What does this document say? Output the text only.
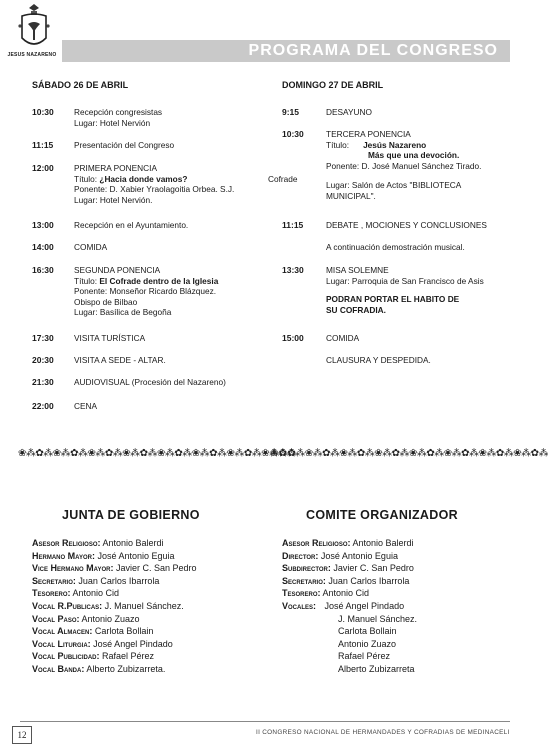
JESUS NAZARENO	PROGRAMA DEL CONGRESO
SÁBADO 26 DE ABRIL
10:30 Recepción congresistas
Lugar: Hotel Nervión
11:15 Presentación del Congreso
12:00 PRIMERA PONENCIA
Título: ¿Hacia donde vamos?
Ponente: D. Xabier Yraolagoitia Orbea. S.J.
Lugar: Hotel Nervión.
Cofrade
13:00 Recepción en el Ayuntamiento.
14:00 COMIDA
16:30 SEGUNDA PONENCIA
Título: El Cofrade dentro de la Iglesia
Ponente: Monseñor Ricardo Blázquez.
Obispo de Bilbao
Lugar: Basílica de Begoña
17:30 VISITA TURÍSTICA
20:30 VISITA A SEDE - ALTAR.
21:30 AUDIOVISUAL (Procesión del Nazareno)
22:00 CENA
DOMINGO 27 DE ABRIL
9:15	DESAYUNO
10:30	TERCERA PONENCIA
Título: Jesús Nazareno
Más que una devoción.
Ponente: D. José Manuel Sánchez Tirado.
Lugar: Salón de Actos "BIBLIOTECA
MUNICIPAL".
11:15	DEBATE , MOCIONES Y CONCLUSIONES
A continuación demostración musical.
13:30	MISA SOLEMNE
Lugar: Parroquia de San Francisco de Asis
PODRAN PORTAR EL HABITO DE
SU COFRADIA.
15:00	COMIDA
CLAUSURA Y DESPEDIDA.
❀⁂✿⁂❀⁂✿⁂❀⁂✿⁂❀⁂✿⁂❀⁂✿⁂❀⁂✿⁂❀⁂✿⁂❀⁂✿⁂
❀⁂✿⁂❀⁂✿⁂❀⁂✿⁂❀⁂✿⁂❀⁂✿⁂❀⁂✿⁂❀⁂✿⁂❀⁂✿⁂
JUNTA DE GOBIERNO
Asesor Religioso: Antonio Balerdi
Hermano Mayor: José Antonio Eguia
Vice Hermano Mayor: Javier C. San Pedro
Secretario: Juan Carlos Ibarrola
Tesorero: Antonio Cid
Vocal R.Publicas: J. Manuel Sánchez.
Vocal Paso: Antonio Zuazo
Vocal Almacen: Carlota Bollain
Vocal Liturgia: José Angel Pindado
Vocal Publicidad: Rafael Pérez
Vocal Banda: Alberto Zubizarreta.
COMITE ORGANIZADOR
Asesor Religioso: Antonio Balerdi
Director: José Antonio Eguia
Subdirector: Javier C. San Pedro
Secretario: Juan Carlos Ibarrola
Tesorero: Antonio Cid
Vocales: José Angel Pindado
J. Manuel Sánchez.
Carlota Bollain
Antonio Zuazo
Rafael Pérez
Alberto Zubizarreta
12	II CONGRESO NACIONAL DE HERMANDADES Y COFRADIAS DE MEDINACELI
